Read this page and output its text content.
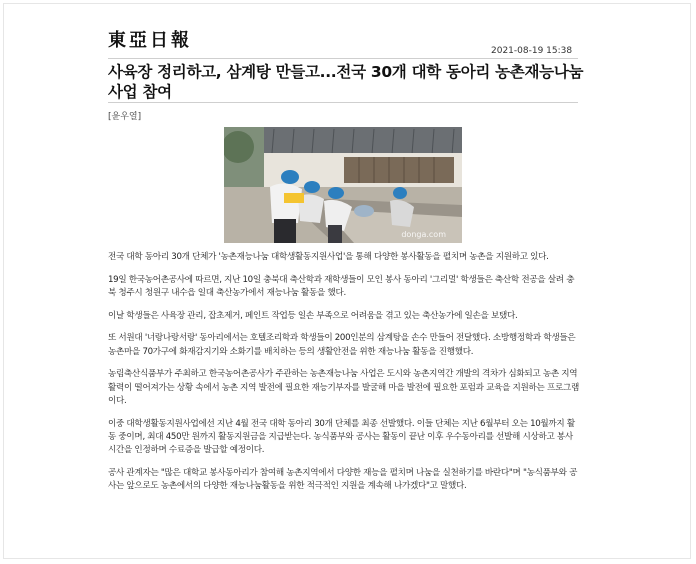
東亞日報	2021-08-19 15:38
사육장 정리하고, 삼계탕 만들고...전국 30개 대학 동아리 농촌재능나눔 사업 참여
[윤우열]
donga.com

전국 대학 동아리 30개 단체가 '농촌재능나눔 대학생활동지원사업'을 통해 다양한 봉사활동을 펼치며 농촌을 지원하고 있다.

19일 한국농어촌공사에 따르면, 지난 10일 충북대 축산학과 재학생들이 모인 봉사 동아리 '그리멀' 학생들은 축산학 전공을 살려 충북 청주시 청원구 내수읍 일대 축산농가에서 재능나눔 활동을 했다.

이날 학생들은 사육장 관리, 잡초제거, 페인트 작업등 일손 부족으로 어려움을 겪고 있는 축산농가에 일손을 보탰다.

또 서원대 '너랑나랑서랑' 동아리에서는 호텔조리학과 학생들이 200인분의 삼계탕을 손수 만들어 전달했다. 소방행정학과 학생들은 농촌마을 70가구에 화재감지기와 소화기를 배치하는 등의 생활안전을 위한 재능나눔 활동을 진행했다.

농림축산식품부가 주최하고 한국농어촌공사가 주관하는 농촌재능나눔 사업은 도시와 농촌지역간 개발의 격차가 심화되고 농촌 지역 활력이 떨어져가는 상황 속에서 농촌 지역 발전에 필요한 재능기부자를 발굴해 마을 발전에 필요한 포럼과 교육을 지원하는 프로그램이다.

이중 대학생활동지원사업에선 지난 4월 전국 대학 동아리 30개 단체를 최종 선발했다. 이들 단체는 지난 6월부터 오는 10월까지 활동 중이며, 최대 450만 원까지 활동지원금을 지급받는다. 농식품부와 공사는 활동이 끝난 이후 우수동아리를 선발해 시상하고 봉사 시간을 인정하며 수료증을 발급할 예정이다.

공사 관계자는 "많은 대학교 봉사동아리가 참여해 농촌지역에서 다양한 재능을 펼치며 나눔을 실천하기를 바란다"며 "농식품부와 공사는 앞으로도 농촌에서의 다양한 재능나눔활동을 위한 적극적인 지원을 계속해 나가겠다"고 말했다.
